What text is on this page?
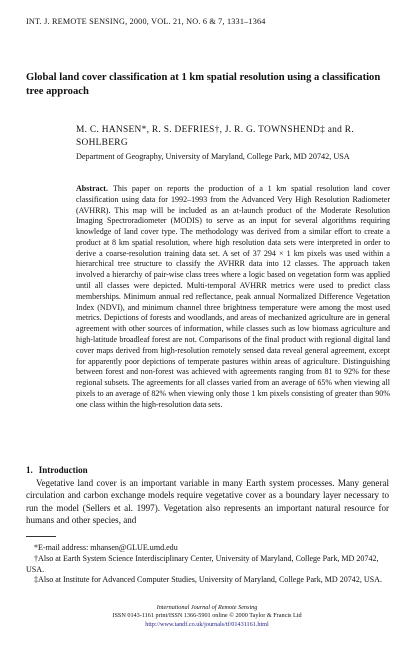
INT. J. REMOTE SENSING, 2000, VOL. 21, NO. 6 & 7, 1331–1364
Global land cover classification at 1 km spatial resolution using a classification tree approach
M. C. HANSEN*, R. S. DEFRIES†, J. R. G. TOWNSHEND‡ and R. SOHLBERG
Department of Geography, University of Maryland, College Park, MD 20742, USA
Abstract. This paper on reports the production of a 1 km spatial resolution land cover classification using data for 1992–1993 from the Advanced Very High Resolution Radiometer (AVHRR). This map will be included as an at-launch product of the Moderate Resolution Imaging Spectroradiometer (MODIS) to serve as an input for several algorithms requiring knowledge of land cover type. The methodology was derived from a similar effort to create a product at 8 km spatial resolution, where high resolution data sets were interpreted in order to derive a coarse-resolution training data set. A set of 37 294 × 1 km pixels was used within a hierarchical tree structure to classify the AVHRR data into 12 classes. The approach taken involved a hierarchy of pair-wise class trees where a logic based on vegetation form was applied until all classes were depicted. Multi-temporal AVHRR metrics were used to predict class memberships. Minimum annual red reflectance, peak annual Normalized Difference Vegetation Index (NDVI), and minimum channel three brightness temperature were among the most used metrics. Depictions of forests and woodlands, and areas of mechanized agriculture are in general agreement with other sources of information, while classes such as low biomass agriculture and high-latitude broadleaf forest are not. Comparisons of the final product with regional digital land cover maps derived from high-resolution remotely sensed data reveal general agreement, except for apparently poor depictions of temperate pastures within areas of agriculture. Distinguishing between forest and non-forest was achieved with agreements ranging from 81 to 92% for these regional subsets. The agreements for all classes varied from an average of 65% when viewing all pixels to an average of 82% when viewing only those 1 km pixels consisting of greater than 90% one class within the high-resolution data sets.
1. Introduction
Vegetative land cover is an important variable in many Earth system processes. Many general circulation and carbon exchange models require vegetative cover as a boundary layer necessary to run the model (Sellers et al. 1997). Vegetation also represents an important natural resource for humans and other species, and

*E-mail address: mhansen@GLUE.umd.edu

†Also at Earth System Science Interdisciplinary Center, University of Maryland, College Park, MD 20742, USA.

‡Also at Institute for Advanced Computer Studies, University of Maryland, College Park, MD 20742, USA.

International Journal of Remote Sensing
ISSN 0143-1161 print/ISSN 1366-5901 online © 2000 Taylor & Francis Ltd
http://www.tandf.co.uk/journals/tf/01431161.html
